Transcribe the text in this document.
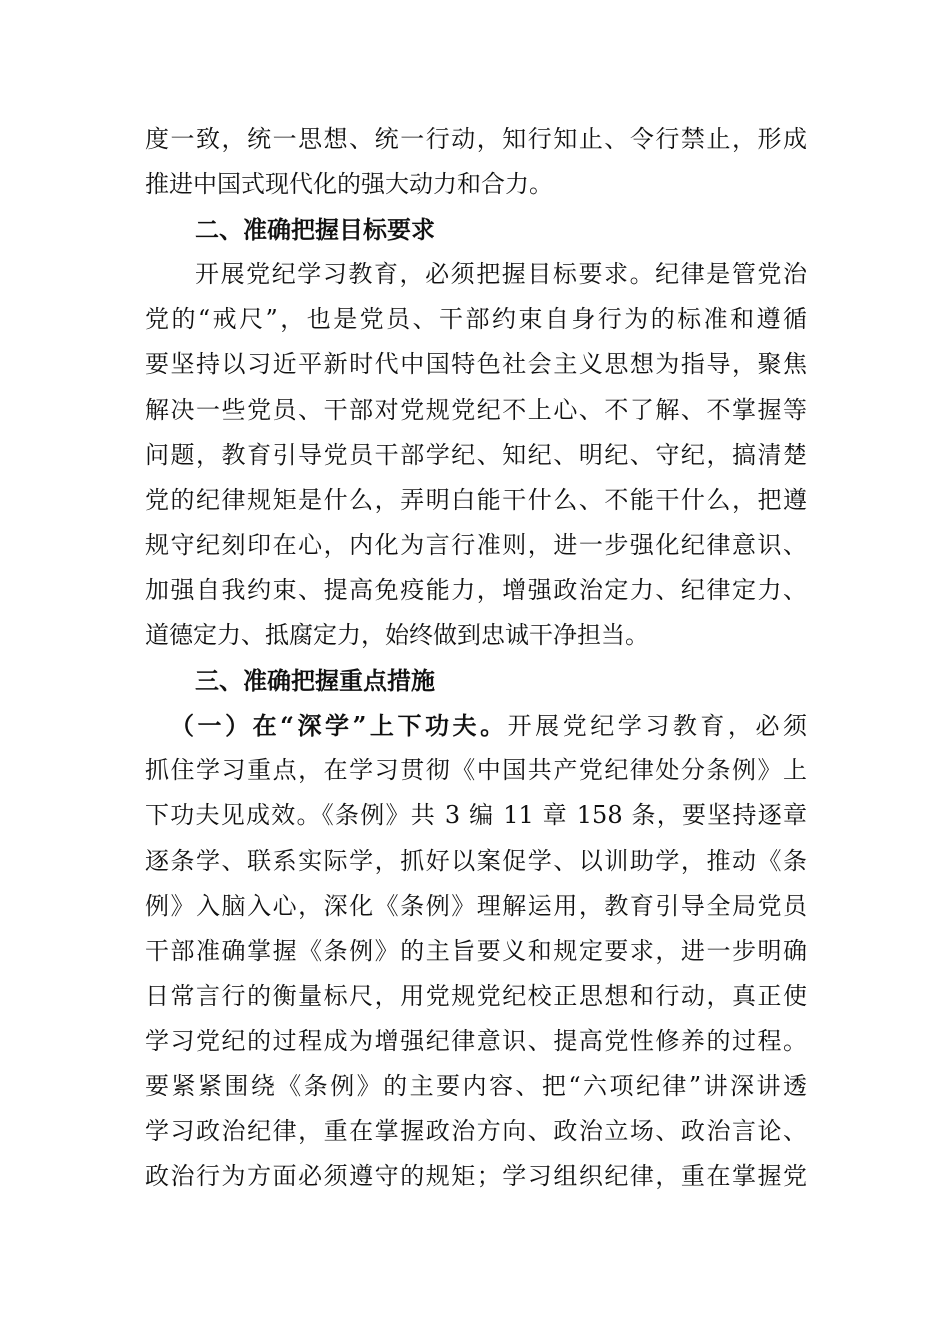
度一致，统一思想、统一行动，知行知止、令行禁止，形成
推进中国式现代化的强大动力和合力。
二、准确把握目标要求
开展党纪学习教育，必须把握目标要求。纪律是管党治
党的“戒尺”，也是党员、干部约束自身行为的标准和遵循
要坚持以习近平新时代中国特色社会主义思想为指导，聚焦
解决一些党员、干部对党规党纪不上心、不了解、不掌握等
问题，教育引导党员干部学纪、知纪、明纪、守纪，搞清楚
党的纪律规矩是什么，弄明白能干什么、不能干什么，把遵
规守纪刻印在心，内化为言行准则，进一步强化纪律意识、
加强自我约束、提高免疫能力，增强政治定力、纪律定力、
道德定力、抵腐定力，始终做到忠诚干净担当。
三、准确把握重点措施
（一）在“深学”上下功夫。开展党纪学习教育，必须
抓住学习重点，在学习贯彻《中国共产党纪律处分条例》上
下功夫见成效。《条例》共 3 编 11 章 158 条，要坚持逐章
逐条学、联系实际学，抓好以案促学、以训助学，推动《条
例》入脑入心，深化《条例》理解运用，教育引导全局党员
干部准确掌握《条例》的主旨要义和规定要求，进一步明确
日常言行的衡量标尺，用党规党纪校正思想和行动，真正使
学习党纪的过程成为增强纪律意识、提高党性修养的过程。
要紧紧围绕《条例》的主要内容、把“六项纪律”讲深讲透
学习政治纪律，重在掌握政治方向、政治立场、政治言论、
政治行为方面必须遵守的规矩；学习组织纪律，重在掌握党
